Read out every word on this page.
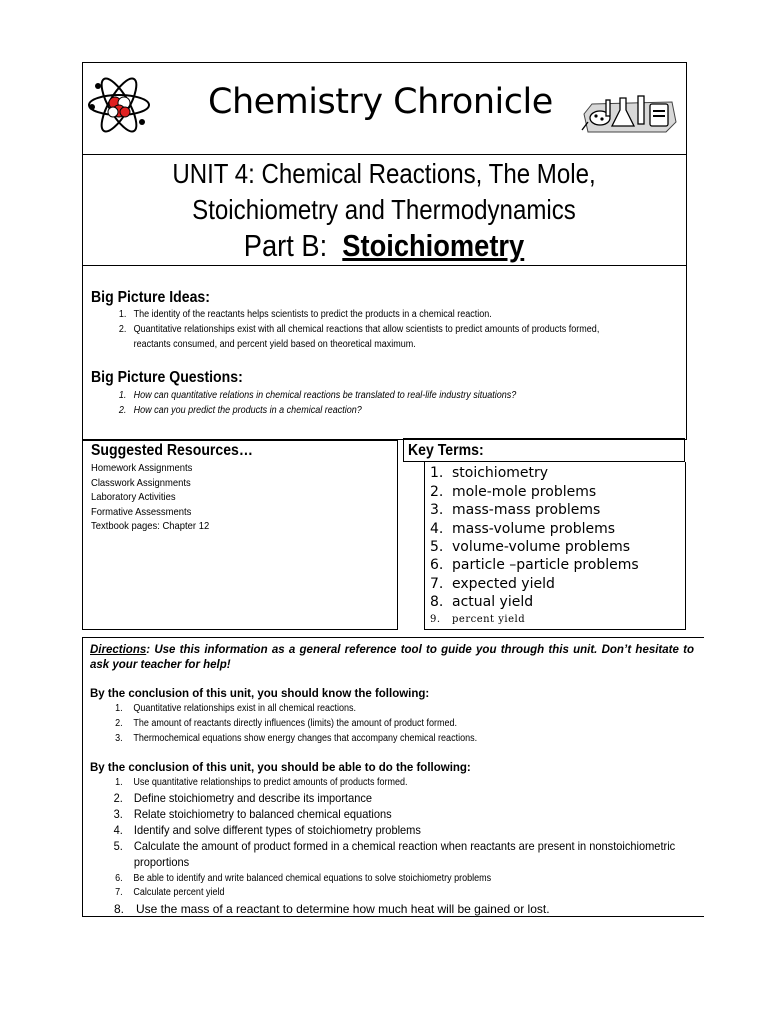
Chemistry Chronicle
UNIT 4: Chemical Reactions, The Mole,
Stoichiometry and Thermodynamics
Part B:  Stoichiometry
Big Picture Ideas:
1. The identity of the reactants helps scientists to predict the products in a chemical reaction.
2. Quantitative relationships exist with all chemical reactions that allow scientists to predict amounts of products formed,
reactants consumed, and percent yield based on theoretical maximum.
Big Picture Questions:
1. How can quantitative relations in chemical reactions be translated to real-life industry situations?
2. How can you predict the products in a chemical reaction?
Suggested Resources…
Homework Assignments
Classwork Assignments
Laboratory Activities
Formative Assessments
Textbook pages: Chapter 12
Key Terms:
1. stoichiometry
2. mole-mole problems
3. mass-mass problems
4. mass-volume problems
5. volume-volume problems
6. particle –particle problems
7. expected yield
8. actual yield
9. percent yield
Directions: Use this information as a general reference tool to guide you through this unit. Don’t hesitate to ask your teacher for help!
By the conclusion of this unit, you should know the following:
1. Quantitative relationships exist in all chemical reactions.
2. The amount of reactants directly influences (limits) the amount of product formed.
3. Thermochemical equations show energy changes that accompany chemical reactions.
By the conclusion of this unit, you should be able to do the following:
1. Use quantitative relationships to predict amounts of products formed.
2. Define stoichiometry and describe its importance
3. Relate stoichiometry to balanced chemical equations
4. Identify and solve different types of stoichiometry problems
5. Calculate the amount of product formed in a chemical reaction when reactants are present in nonstoichiometric
proportions
6. Be able to identify and write balanced chemical equations to solve stoichiometry problems
7. Calculate percent yield
8. Use the mass of a reactant to determine how much heat will be gained or lost.
